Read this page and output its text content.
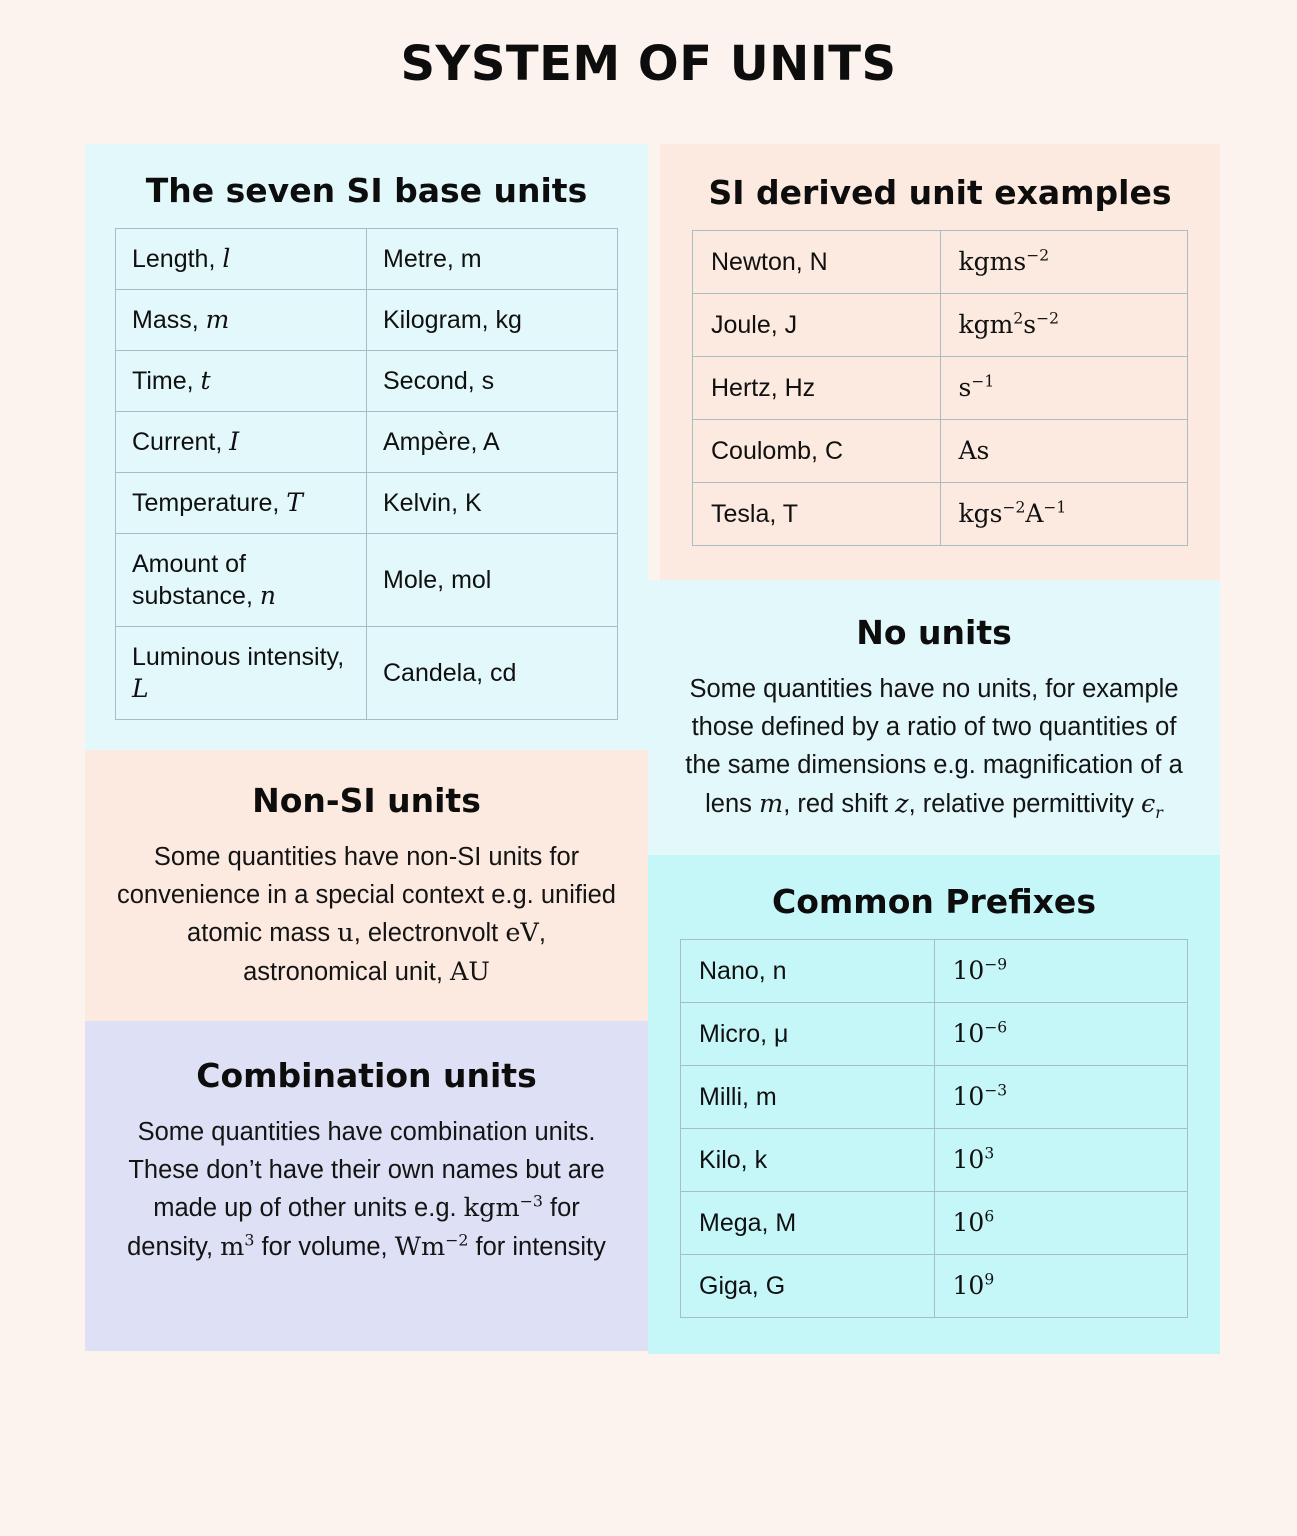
SYSTEM OF UNITS
The seven SI base units
Length, l	Metre, m
Mass, m	Kilogram, kg
Time, t	Second, s
Current, I	Ampère, A
Temperature, T	Kelvin, K
Amount of substance, n	Mole, mol
Luminous intensity, L	Candela, cd
Non-SI units

Some quantities have non-SI units for convenience in a special context e.g. unified atomic mass u, electronvolt eV, astronomical unit, AU

Combination units

Some quantities have combination units. These don’t have their own names but are made up of other units e.g. kgm$^{-3}$ for density, $m^3$ for volume, $Wm^{-2}$ for intensity

SI derived unit examples
Newton, N	kgms$^{-2}$
Joule, J	$kgm^2s^{-2}$
Hertz, Hz	$s^{-1}$
Coulomb, C	As
Tesla, T	$kgs^{-2}A^{-1}$
No units

Some quantities have no units, for example those defined by a ratio of two quantities of the same dimensions e.g. magnification of a lens m, red shift z, relative permittivity $\epsilon_r$

Common Prefixes
Nano, n	$10^{-9}$
Micro, μ	$10^{-6}$
Milli, m	$10^{-3}$
Kilo, k	$10^3$
Mega, M	$10^6$
Giga, G	$10^9$
